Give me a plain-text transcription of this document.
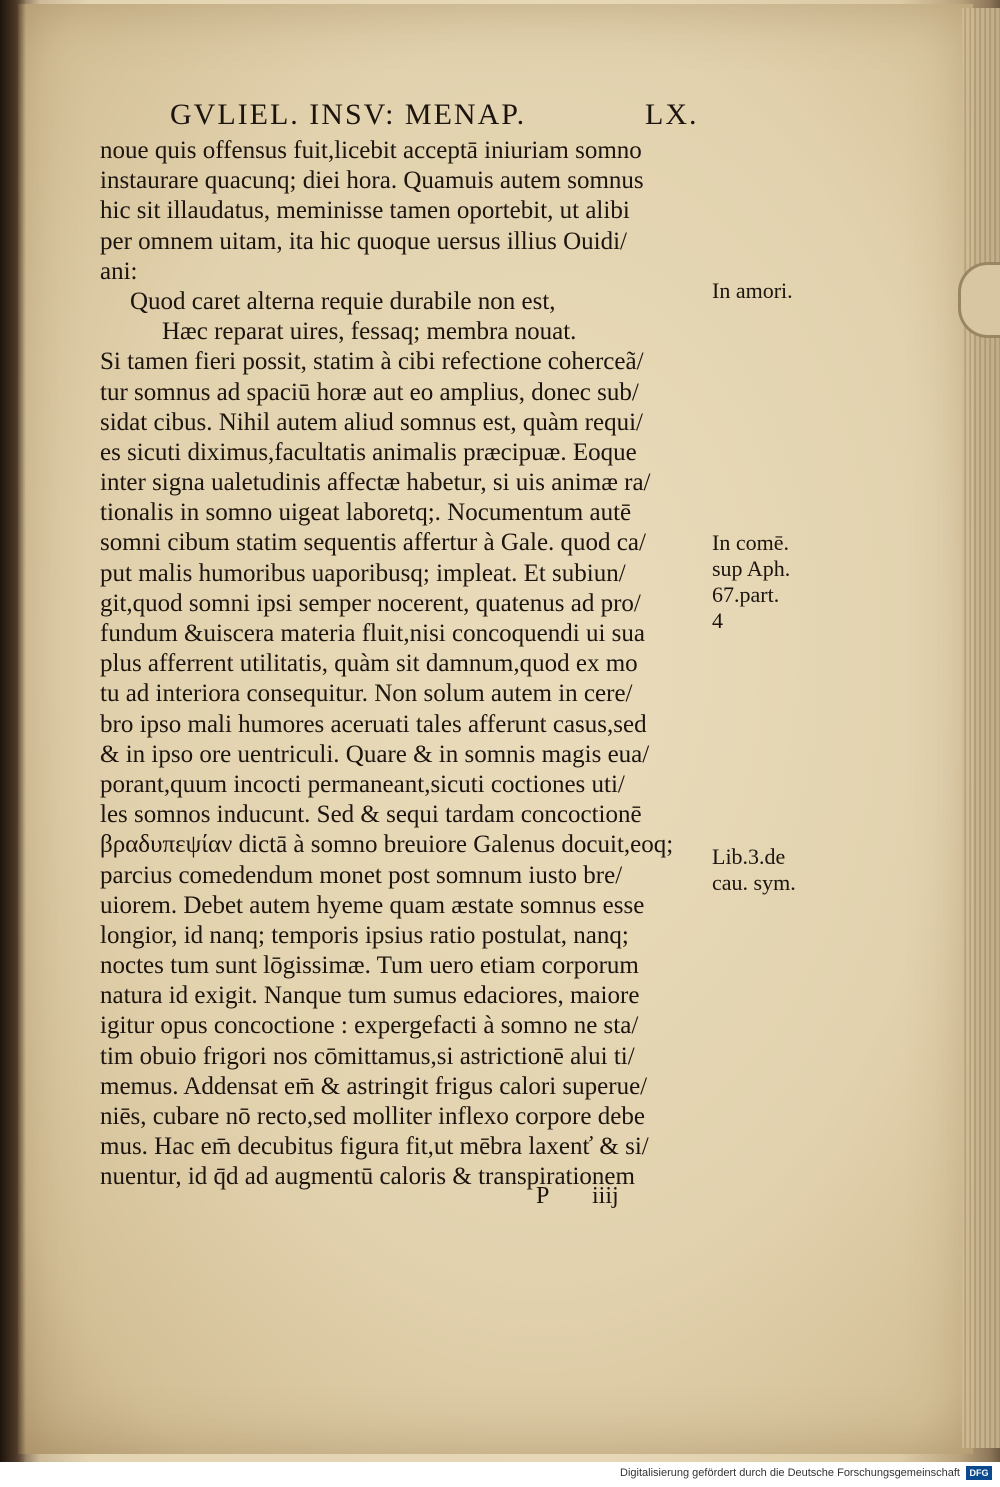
GVLIEL. INSV: MENAP.	LX.
noue quis offensus fuit,licebit acceptā iniuriam somno
instaurare quacunq; diei hora. Quamuis autem somnus
hic sit illaudatus, meminisse tamen oportebit, ut alibi
per omnem uitam, ita hic quoque uersus illius Ouidi/
ani:
Quod caret alterna requie durabile non est,
Hæc reparat uires, fessaq; membra nouat.
Si tamen fieri possit, statim à cibi refectione coherceã/
tur somnus ad spaciū horæ aut eo amplius, donec sub/
sidat cibus. Nihil autem aliud somnus est, quàm requi/
es sicuti diximus,facultatis animalis præcipuæ. Eoque
inter signa ualetudinis affectæ habetur, si uis animæ ra/
tionalis in somno uigeat laboretq;. Nocumentum autē
somni cibum statim sequentis affertur à Gale. quod ca/
put malis humoribus uaporibusq; impleat. Et subiun/
git,quod somni ipsi semper nocerent, quatenus ad pro/
fundum &uiscera materia fluit,nisi concoquendi ui sua
plus afferrent utilitatis, quàm sit damnum,quod ex mo
tu ad interiora consequitur. Non solum autem in cere/
bro ipso mali humores aceruati tales afferunt casus,sed
& in ipso ore uentriculi. Quare & in somnis magis eua/
porant,quum incocti permaneant,sicuti coctiones uti/
les somnos inducunt. Sed & sequi tardam concoctionē
βραδυπεψίαν dictā à somno breuiore Galenus docuit,eoq;
parcius comedendum monet post somnum iusto bre/
uiorem. Debet autem hyeme quam æstate somnus esse
longior, id nanq; temporis ipsius ratio postulat, nanq;
noctes tum sunt lōgissimæ. Tum uero etiam corporum
natura id exigit. Nanque tum sumus edaciores, maiore
igitur opus concoctione : expergefacti à somno ne sta/
tim obuio frigori nos cōmittamus,si astrictionē alui ti/
memus. Addensat em̄ & astringit frigus calori superue/
niēs, cubare nō recto,sed molliter inflexo corpore debe
mus. Hac em̄ decubitus figura fit,ut mēbra laxenť & si/
nuentur, id q̄d ad augmentū caloris & transpirationem
In amori.
In comē.
sup Aph.
67.part.
4
Lib.3.de
cau. sym.
P iiij
Digitalisierung gefördert durch die Deutsche Forschungsgemeinschaft	DFG
